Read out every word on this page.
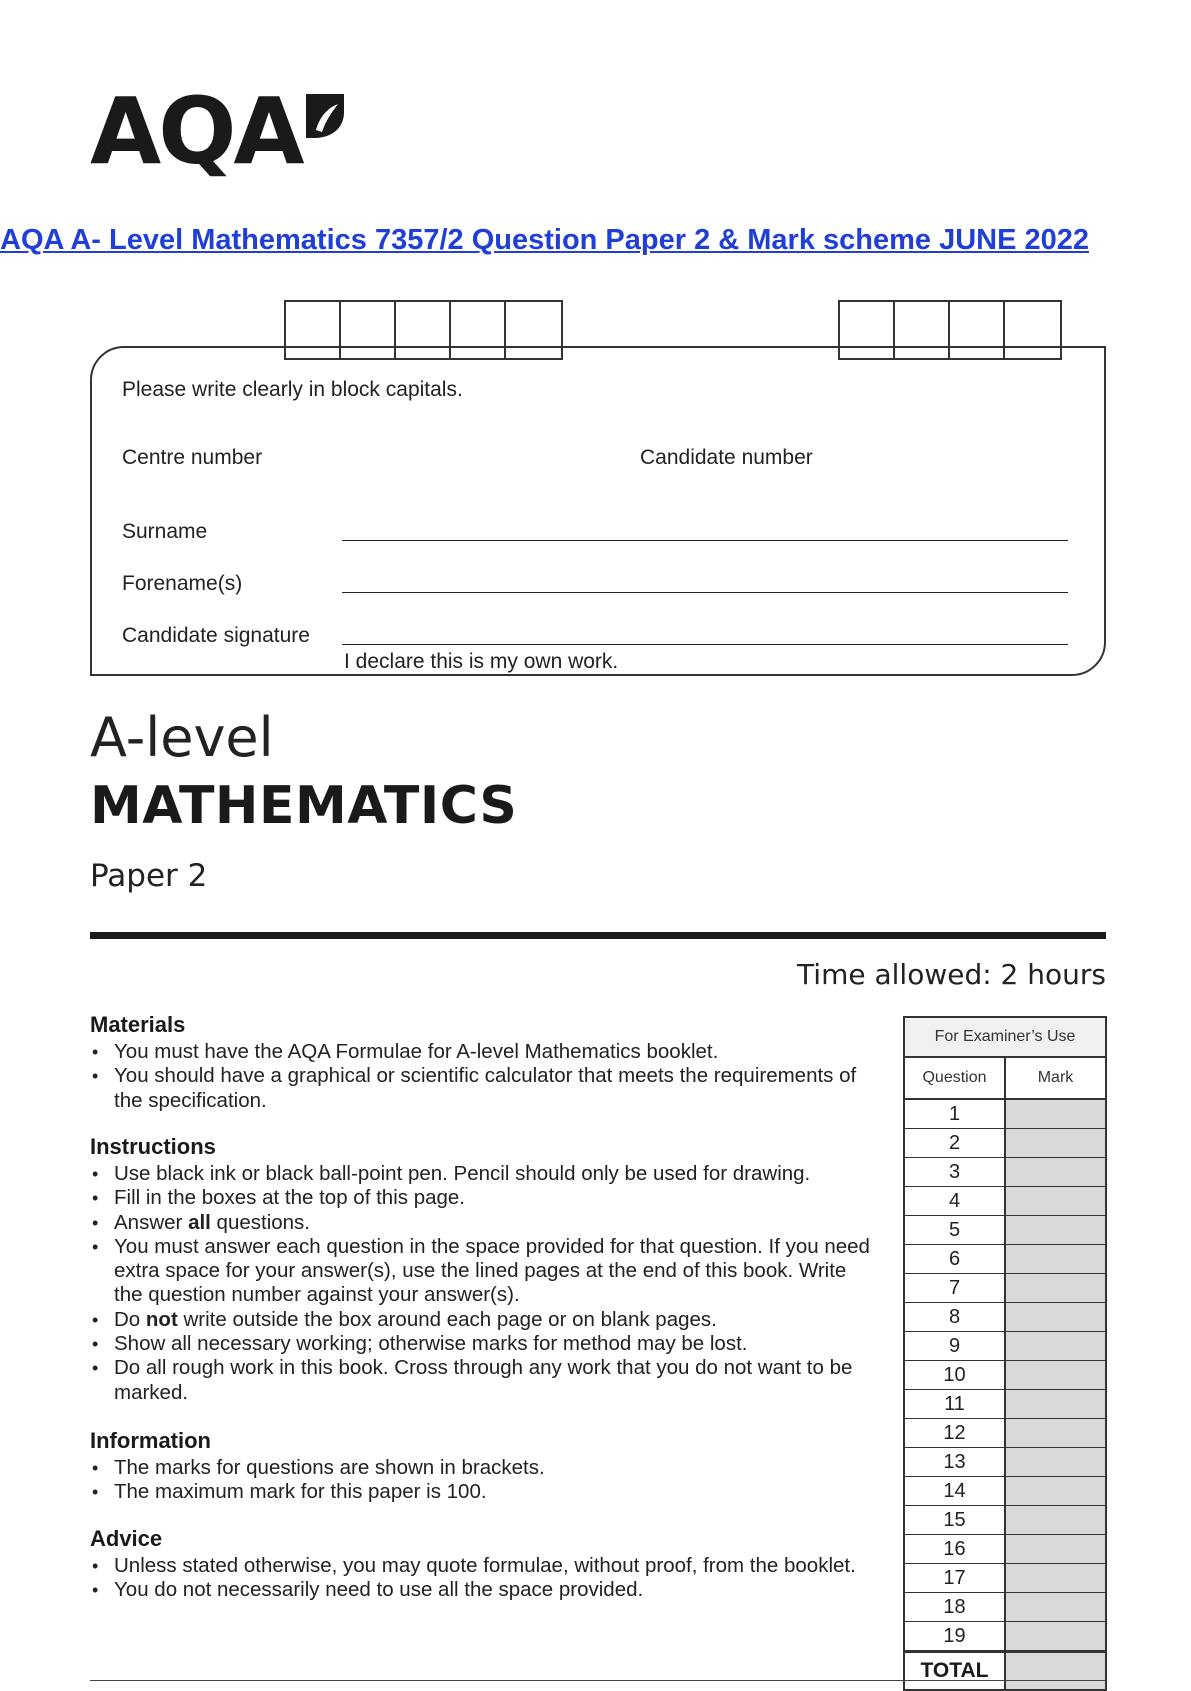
AQA
AQA A- Level Mathematics 7357/2 Question Paper 2 & Mark scheme JUNE 2022
Please write clearly in block capitals.
Centre number	Candidate number
Surname
Forename(s)
Candidate signature
I declare this is my own work.
A-level
MATHEMATICS
Paper 2
Time allowed: 2 hours
Materials
• You must have the AQA Formulae for A-level Mathematics booklet.
• You should have a graphical or scientific calculator that meets the requirements of the specification.
Instructions
• Use black ink or black ball-point pen. Pencil should only be used for drawing.
• Fill in the boxes at the top of this page.
• Answer all questions.
• You must answer each question in the space provided for that question. If you need extra space for your answer(s), use the lined pages at the end of this book. Write the question number against your answer(s).
• Do not write outside the box around each page or on blank pages.
• Show all necessary working; otherwise marks for method may be lost.
• Do all rough work in this book. Cross through any work that you do not want to be marked.
Information
• The marks for questions are shown in brackets.
• The maximum mark for this paper is 100.
Advice
• Unless stated otherwise, you may quote formulae, without proof, from the booklet.
• You do not necessarily need to use all the space provided.
For Examiner’s Use
Question	Mark
1
2
3
4
5
6
7
8
9
10
11
12
13
14
15
16
17
18
19
TOTAL
